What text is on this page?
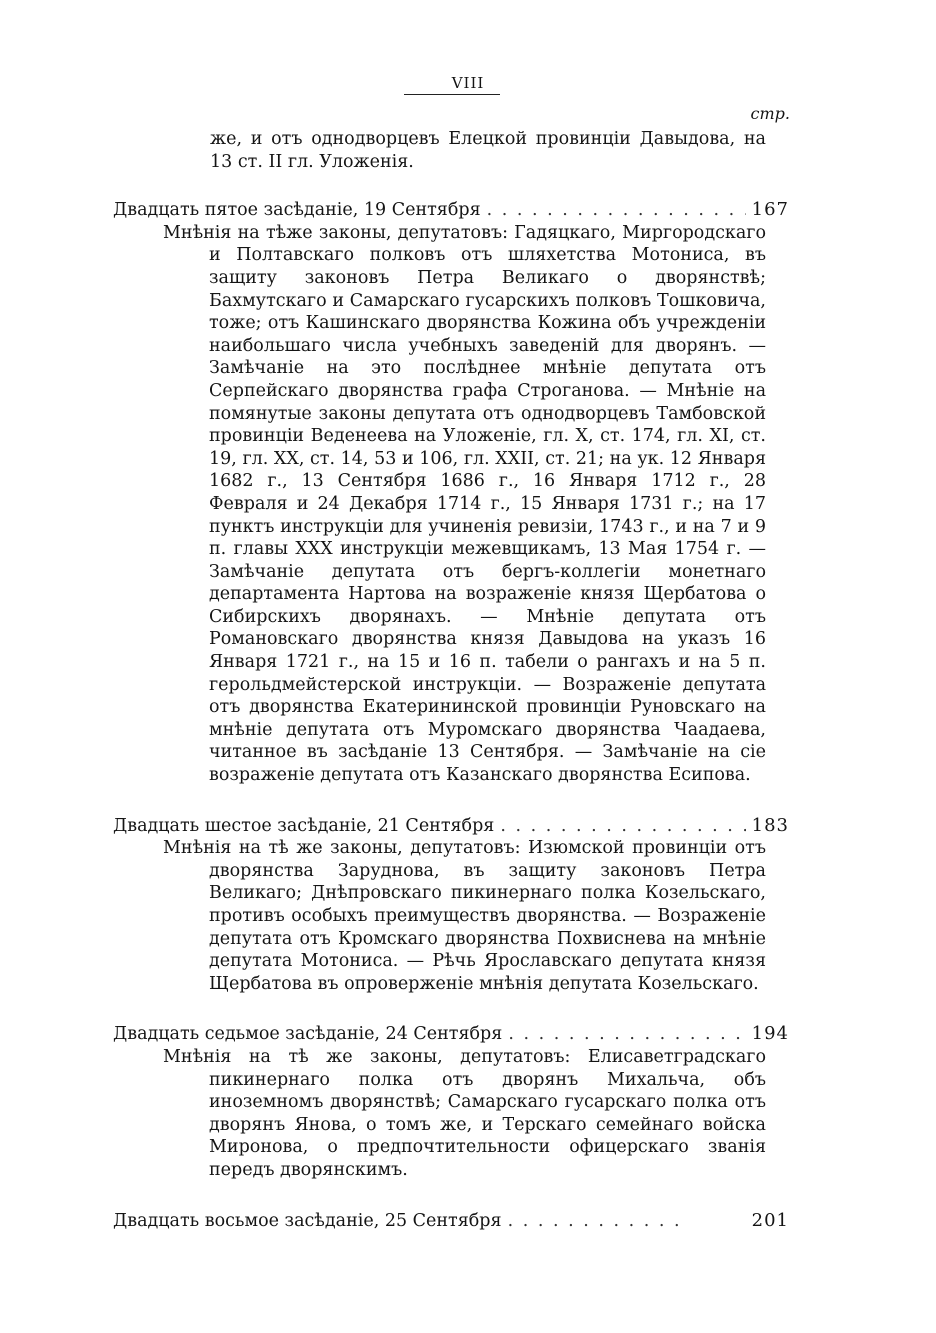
VIII
стр.

же, и отъ однодворцевъ Елецкой провинціи Давыдова, на 13 ст. II гл. Уложенія.

Двадцать пятое засѣданіе, 19 Сентября . . .	167

Мнѣнія на тѣже законы, депутатовъ: Гадяцкаго, Миргородскаго и Полтавскаго полковъ отъ шляхетства Мотониса, въ защиту законовъ Петра Великаго о дворянствѣ; Бахмутскаго и Самарскаго гусарскихъ полковъ Тошковича, тоже; отъ Кашинскаго дворянства Кожина объ учрежденіи наибольшаго числа учебныхъ заведеній для дворянъ. — Замѣчаніе на это послѣднее мнѣніе депутата отъ Серпейскаго дворянства графа Строганова. — Мнѣніе на помянутые законы депутата отъ однодворцевъ Тамбовской провинціи Веденеева на Уложеніе, гл. X, ст. 174, гл. XI, ст. 19, гл. XX, ст. 14, 53 и 106, гл. XXII, ст. 21; на ук. 12 Января 1682 г., 13 Сентября 1686 г., 16 Января 1712 г., 28 Февраля и 24 Декабря 1714 г., 15 Января 1731 г.; на 17 пунктъ инструкціи для учиненія ревизіи, 1743 г., и на 7 и 9 п. главы XXX инструкціи межевщикамъ, 13 Мая 1754 г. — Замѣчаніе депутата отъ бергъ-коллегіи монетнаго департамента Нартова на возраженіе князя Щербатова о Сибирскихъ дворянахъ. — Мнѣніе депутата отъ Романовскаго дворянства князя Давыдова на указъ 16 Января 1721 г., на 15 и 16 п. табели о рангахъ и на 5 п. герольдмейстерской инструкціи. — Возраженіе депутата отъ дворянства Екатерининской провинціи Руновскаго на мнѣніе депутата отъ Муромскаго дворянства Чаадаева, читанное въ засѣданіе 13 Сентября. — Замѣчаніе на сіе возраженіе депутата отъ Казанскаго дворянства Есипова.

Двадцать шестое засѣданіе, 21 Сентября . . .	183

Мнѣнія на тѣ же законы, депутатовъ: Изюмской провинціи отъ дворянства Заруднова, въ защиту законовъ Петра Великаго; Днѣпровскаго пикинернаго полка Козельскаго, противъ особыхъ преимуществъ дворянства. — Возраженіе депутата отъ Кромскаго дворянства Похвиснева на мнѣніе депутата Мотониса. — Рѣчь Ярославскаго депутата князя Щербатова въ опроверженіе мнѣнія депутата Козельскаго.

Двадцать седьмое засѣданіе, 24 Сентября . . .	194

Мнѣнія на тѣ же законы, депутатовъ: Елисаветградскаго пикинернаго полка отъ дворянъ Михальча, объ иноземномъ дворянствѣ; Самарскаго гусарскаго полка отъ дворянъ Янова, о томъ же, и Терскаго семейнаго войска Миронова, о предпочтительности офицерскаго званія передъ дворянскимъ.

Двадцать восьмое засѣданіе, 25 Сентября . . .	201
